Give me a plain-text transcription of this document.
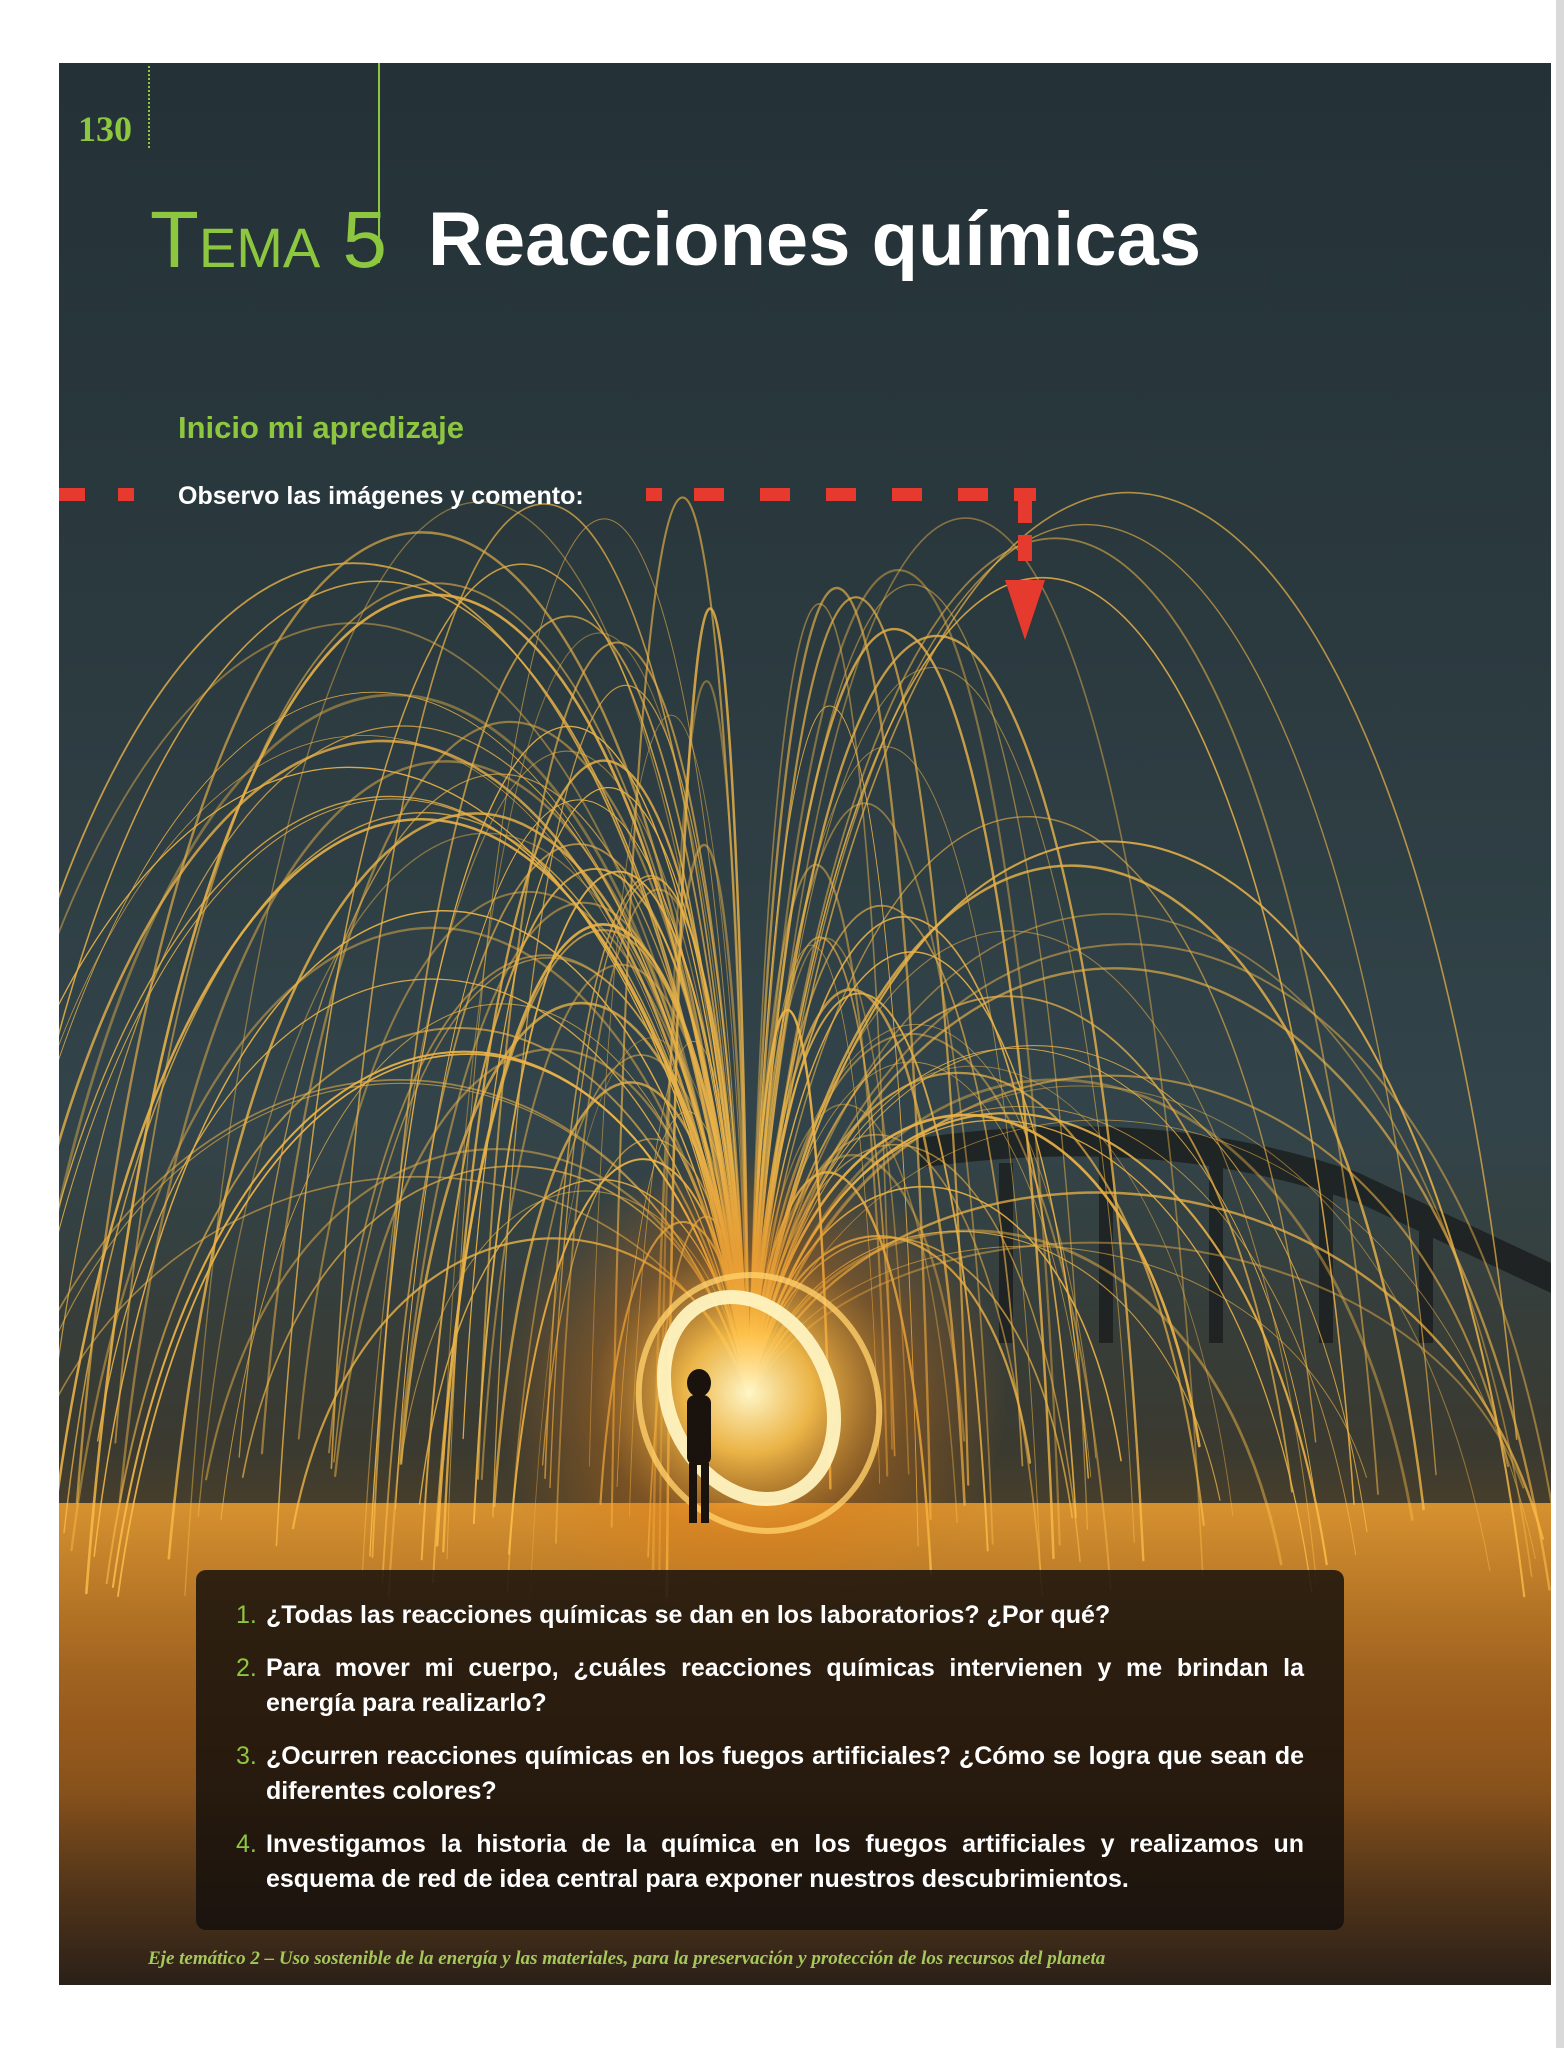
130
TEMA 5 Reacciones químicas
Inicio mi apredizaje
Observo las imágenes y comento:
1. ¿Todas las reacciones químicas se dan en los laboratorios? ¿Por qué?
2. Para mover mi cuerpo, ¿cuáles reacciones químicas intervienen y me brindan la energía para realizarlo?
3. ¿Ocurren reacciones químicas en los fuegos artificiales? ¿Cómo se logra que sean de diferentes colores?
4. Investigamos la historia de la química en los fuegos artificiales y realizamos un esquema de red de idea central para exponer nuestros descubrimientos.
Eje temático 2 – Uso sostenible de la energía y las materiales, para la preservación y protección de los recursos del planeta
